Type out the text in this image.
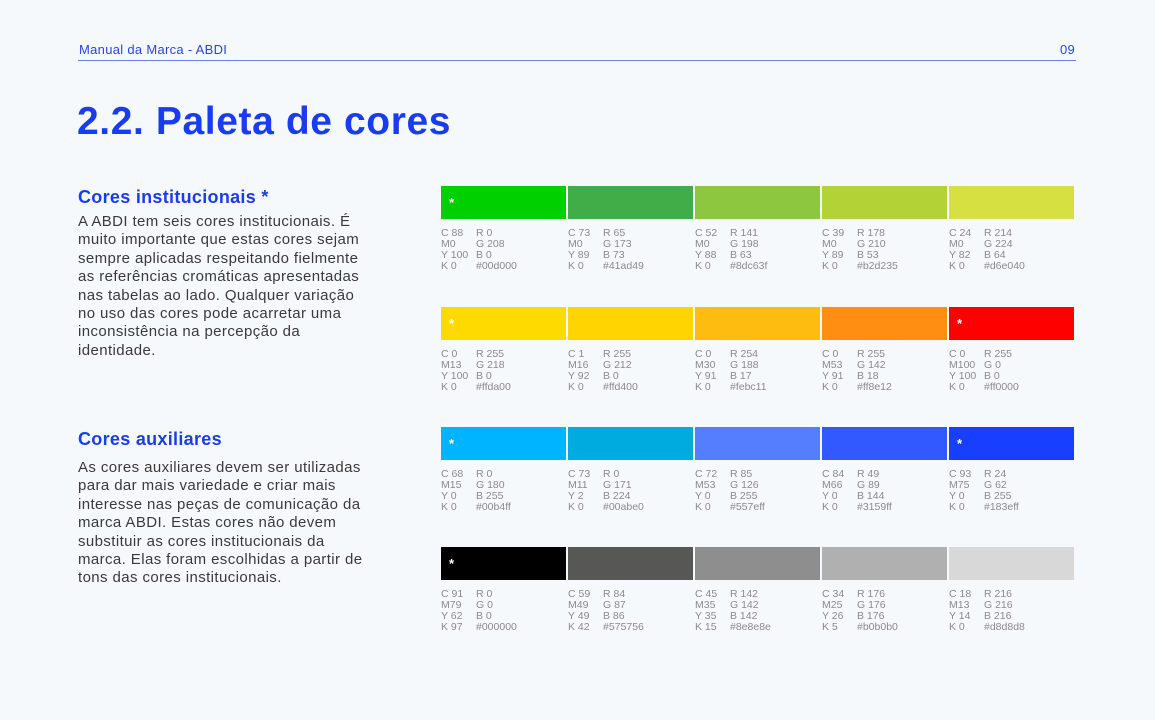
Manual da Marca - ABDI	09
2.2. Paleta de cores
Cores institucionais *

A ABDI tem seis cores institucionais. É muito importante que estas cores sejam sempre aplicadas respeitando fielmente as referências cromáticas apresentadas nas tabelas ao lado. Qualquer variação no uso das cores pode acarretar uma inconsistência na percepção da identidade.

Cores auxiliares

As cores auxiliares devem ser utilizadas para dar mais variedade e criar mais interesse nas peças de comunicação da marca ABDI. Estas cores não devem substituir as cores institucionais da marca. Elas foram escolhidas a partir de tons das cores institucionais.

*
C 88	R 0
M0	G 208
Y 100 B 0
K 0	#00d000
C 73	R 65
M0	G 173
Y 89	B 73
K 0	#41ad49
C 52	R 141
M0	G 198
Y 88	B 63
K 0	#8dc63f
C 39	R 178
M0	G 210
Y 89	B 53
K 0	#b2d235
C 24	R 214
M0	G 224
Y 82	B 64
K 0	#d6e040
*
C 0	R 255
M13	G 218
Y 100 B 0
K 0	#ffda00
C 1	R 255
M16	G 212
Y 92	B 0
K 0	#ffd400
C 0	R 254
M30	G 188
Y 91	B 17
K 0	#febc11
C 0	R 255
M53	G 142
Y 91	B 18
K 0	#ff8e12
*
C 0	R 255
M100 G 0
Y 100 B 0
K 0	#ff0000
*
C 68	R 0
M15	G 180
Y 0	B 255
K 0	#00b4ff
C 73	R 0
M11	G 171
Y 2	B 224
K 0	#00abe0
C 72	R 85
M53	G 126
Y 0	B 255
K 0	#557eff
C 84	R 49
M66	G 89
Y 0	B 144
K 0	#3159ff
*
C 93	R 24
M75	G 62
Y 0	B 255
K 0	#183eff
*
C 91	R 0
M79	G 0
Y 62	B 0
K 97	#000000
C 59	R 84
M49	G 87
Y 49	B 86
K 42	#575756
C 45	R 142
M35	G 142
Y 35	B 142
K 15	#8e8e8e
C 34	R 176
M25	G 176
Y 26	B 176
K 5	#b0b0b0
C 18	R 216
M13	G 216
Y 14	B 216
K 0	#d8d8d8
